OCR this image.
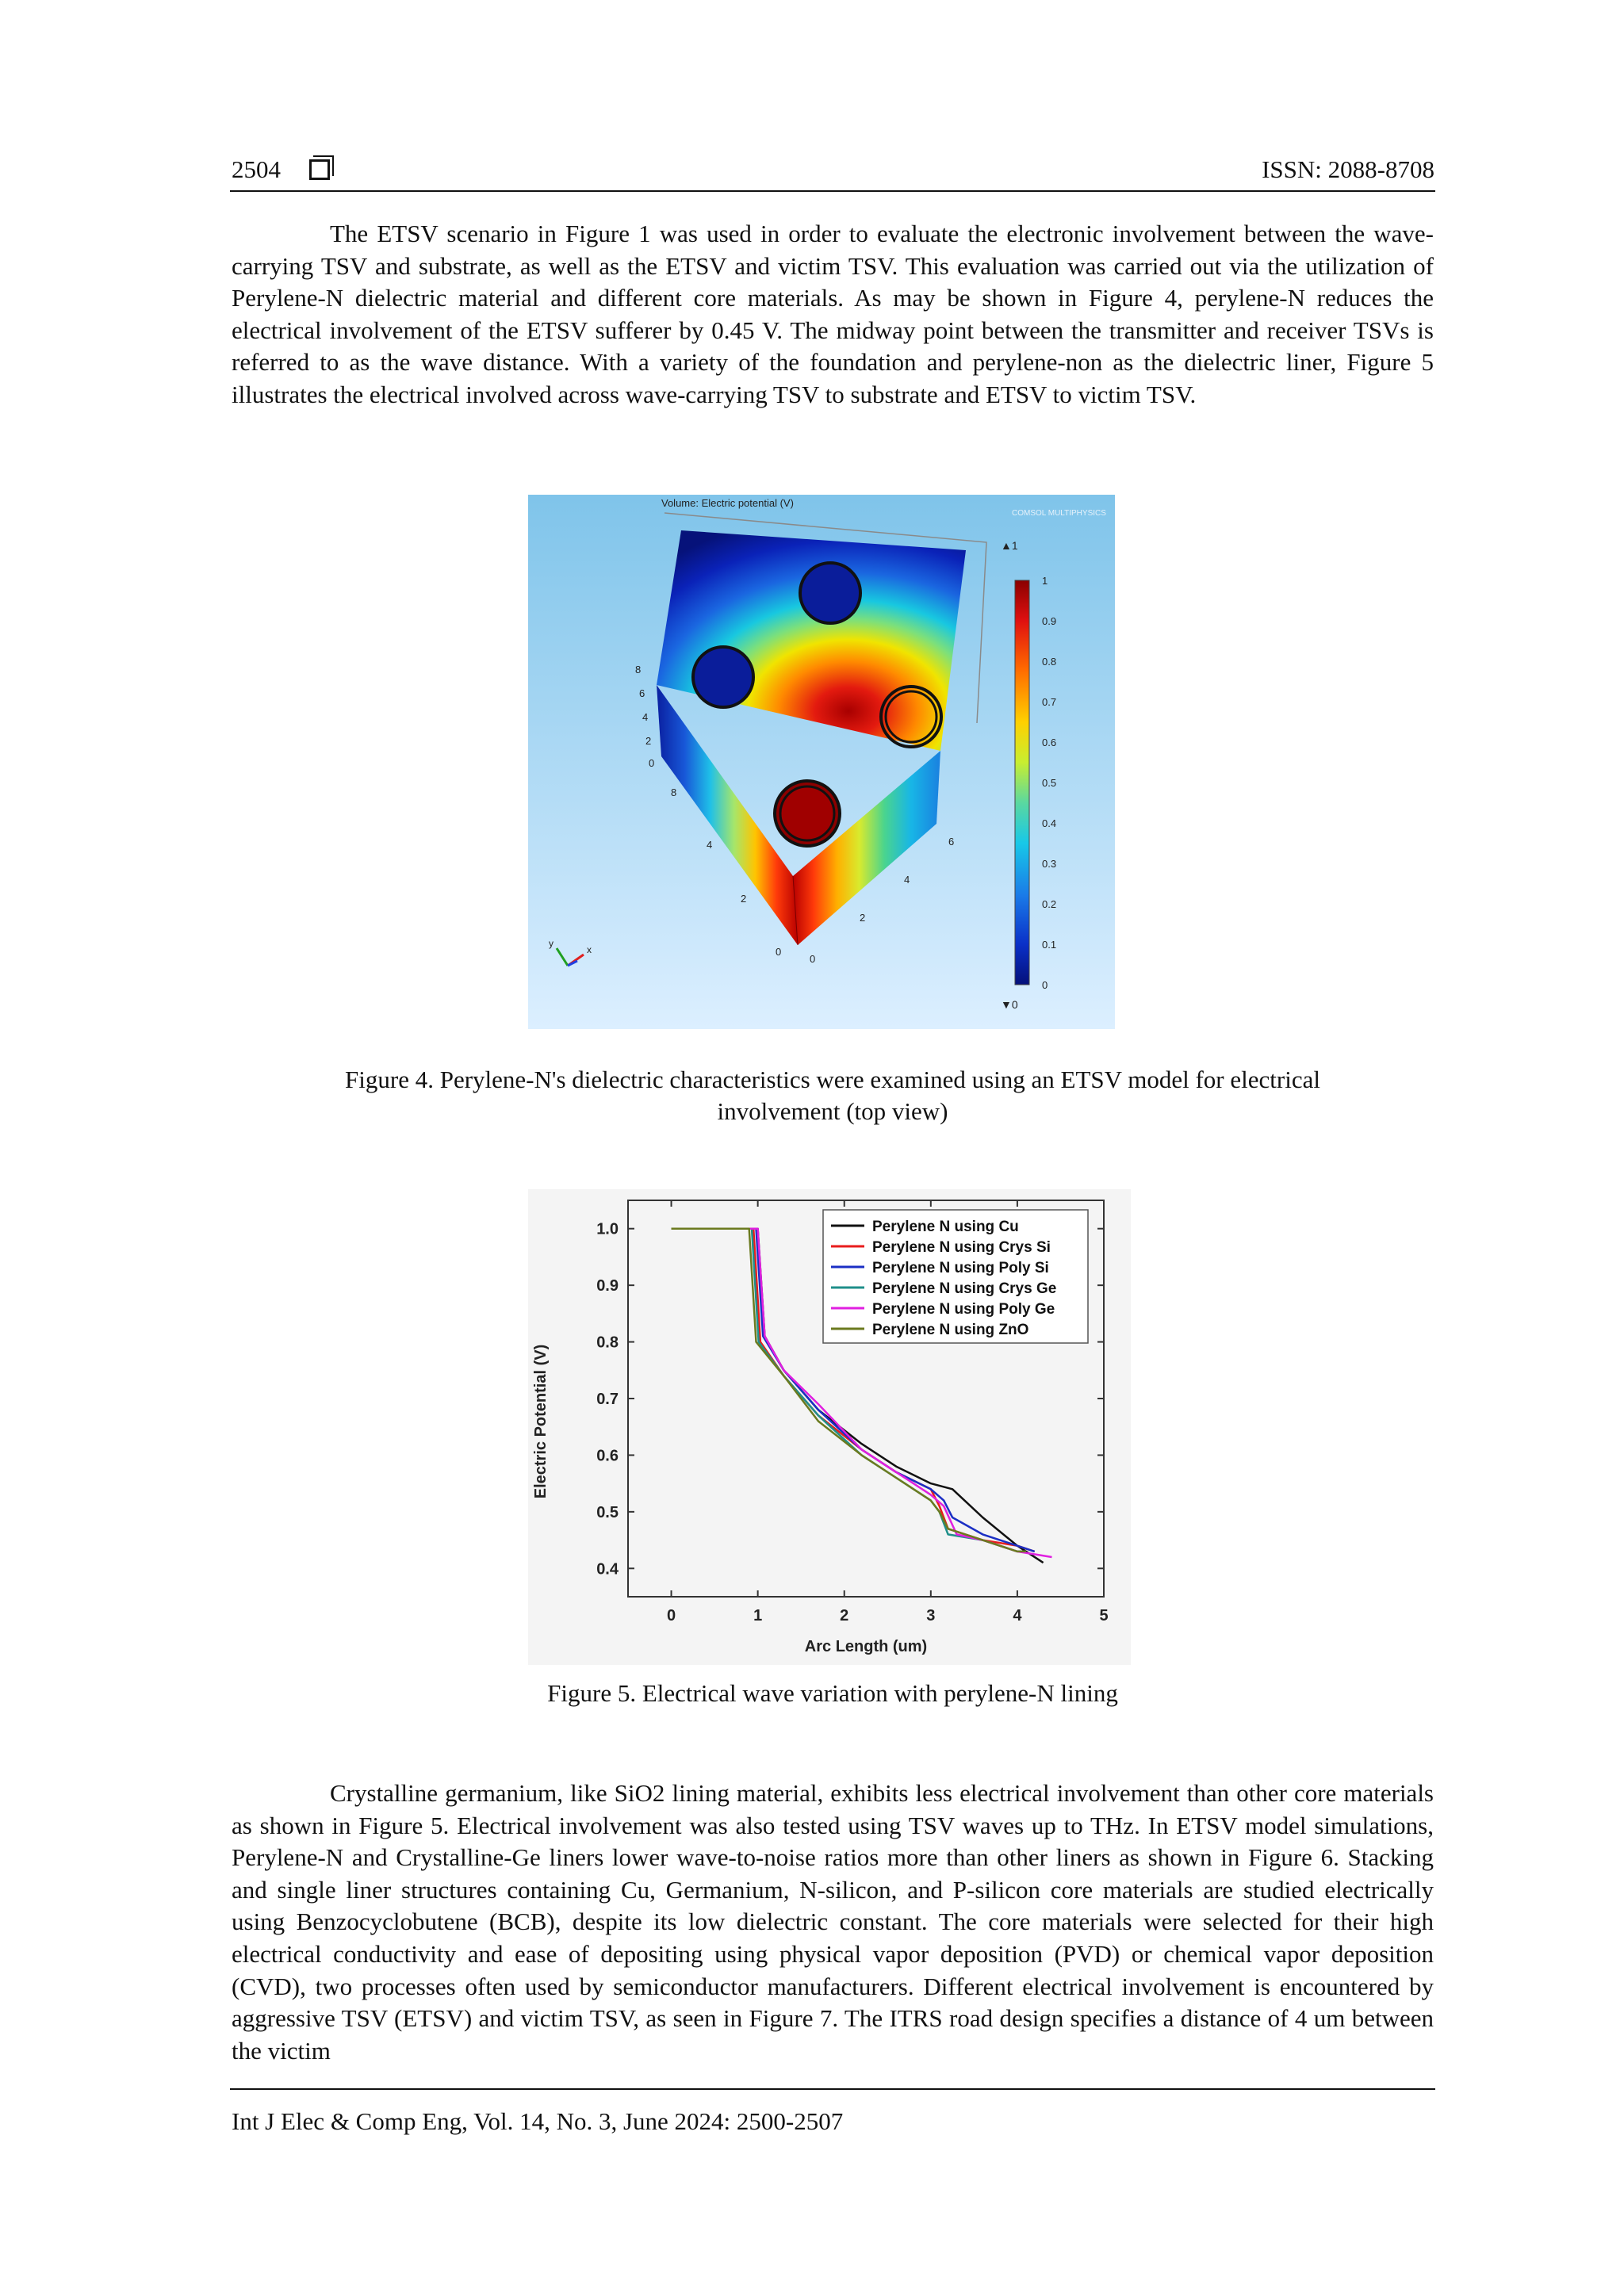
2504	ISSN: 2088-8708
The ETSV scenario in Figure 1 was used in order to evaluate the electronic involvement between the wave-carrying TSV and substrate, as well as the ETSV and victim TSV. This evaluation was carried out via the utilization of Perylene-N dielectric material and different core materials. As may be shown in Figure 4, perylene-N reduces the electrical involvement of the ETSV sufferer by 0.45 V. The midway point between the transmitter and receiver TSVs is referred to as the wave distance. With a variety of the foundation and perylene-non as the dielectric liner, Figure 5 illustrates the electrical involved across wave-carrying TSV to substrate and ETSV to victim TSV.
Volume: Electric potential (V)
COMSOL MULTIPHYSICS
8
6
4
2
0
8
4
2
0
0
2
4
6
y
x
▲1
1
0.9
0.8
0.7
0.6
0.5
0.4
0.3
0.2
0.1
0
▼0
Figure 4. Perylene-N's dielectric characteristics were examined using an ETSV model for electrical
involvement (top view)
0	1	2	3	4	5
0.4
0.5
0.6
0.7
0.8
0.9
1.0	Perylene N using Cu
Perylene N using Crys Si
Perylene N using Poly Si
Perylene N using Crys Ge
Perylene N using Poly Ge
Perylene N using ZnO
Arc Length (um)
Electric Potential (V)
Figure 5. Electrical wave variation with perylene-N lining
Crystalline germanium, like SiO2 lining material, exhibits less electrical involvement than other core materials as shown in Figure 5. Electrical involvement was also tested using TSV waves up to THz. In ETSV model simulations, Perylene-N and Crystalline-Ge liners lower wave-to-noise ratios more than other liners as shown in Figure 6. Stacking and single liner structures containing Cu, Germanium, N-silicon, and P-silicon core materials are studied electrically using Benzocyclobutene (BCB), despite its low dielectric constant. The core materials were selected for their high electrical conductivity and ease of depositing using physical vapor deposition (PVD) or chemical vapor deposition (CVD), two processes often used by semiconductor manufacturers. Different electrical involvement is encountered by aggressive TSV (ETSV) and victim TSV, as seen in Figure 7. The ITRS road design specifies a distance of 4 um between the victim
Int J Elec & Comp Eng, Vol. 14, No. 3, June 2024: 2500-2507
